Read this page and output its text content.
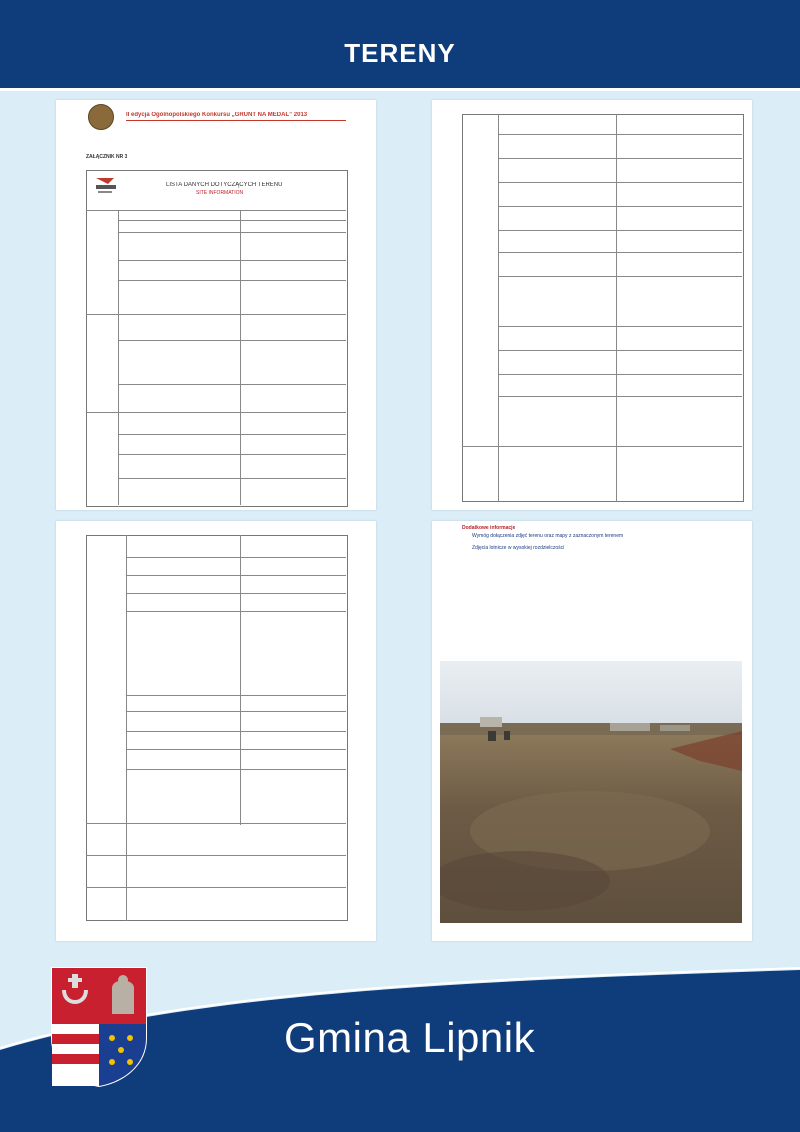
TERENY
II edycja Ogólnopolskiego Konkursu „GRUNT NA MEDAL” 2013
ZAŁĄCZNIK NR 3
LISTA DANYCH DOTYCZĄCYCH TERENU
SITE INFORMATION
Dodatkowe informacje
Wymóg dołączenia zdjęć terenu oraz mapy z zaznaczonym terenem
Zdjęcia lotnicze w wysokiej rozdzielczości
Gmina Lipnik
